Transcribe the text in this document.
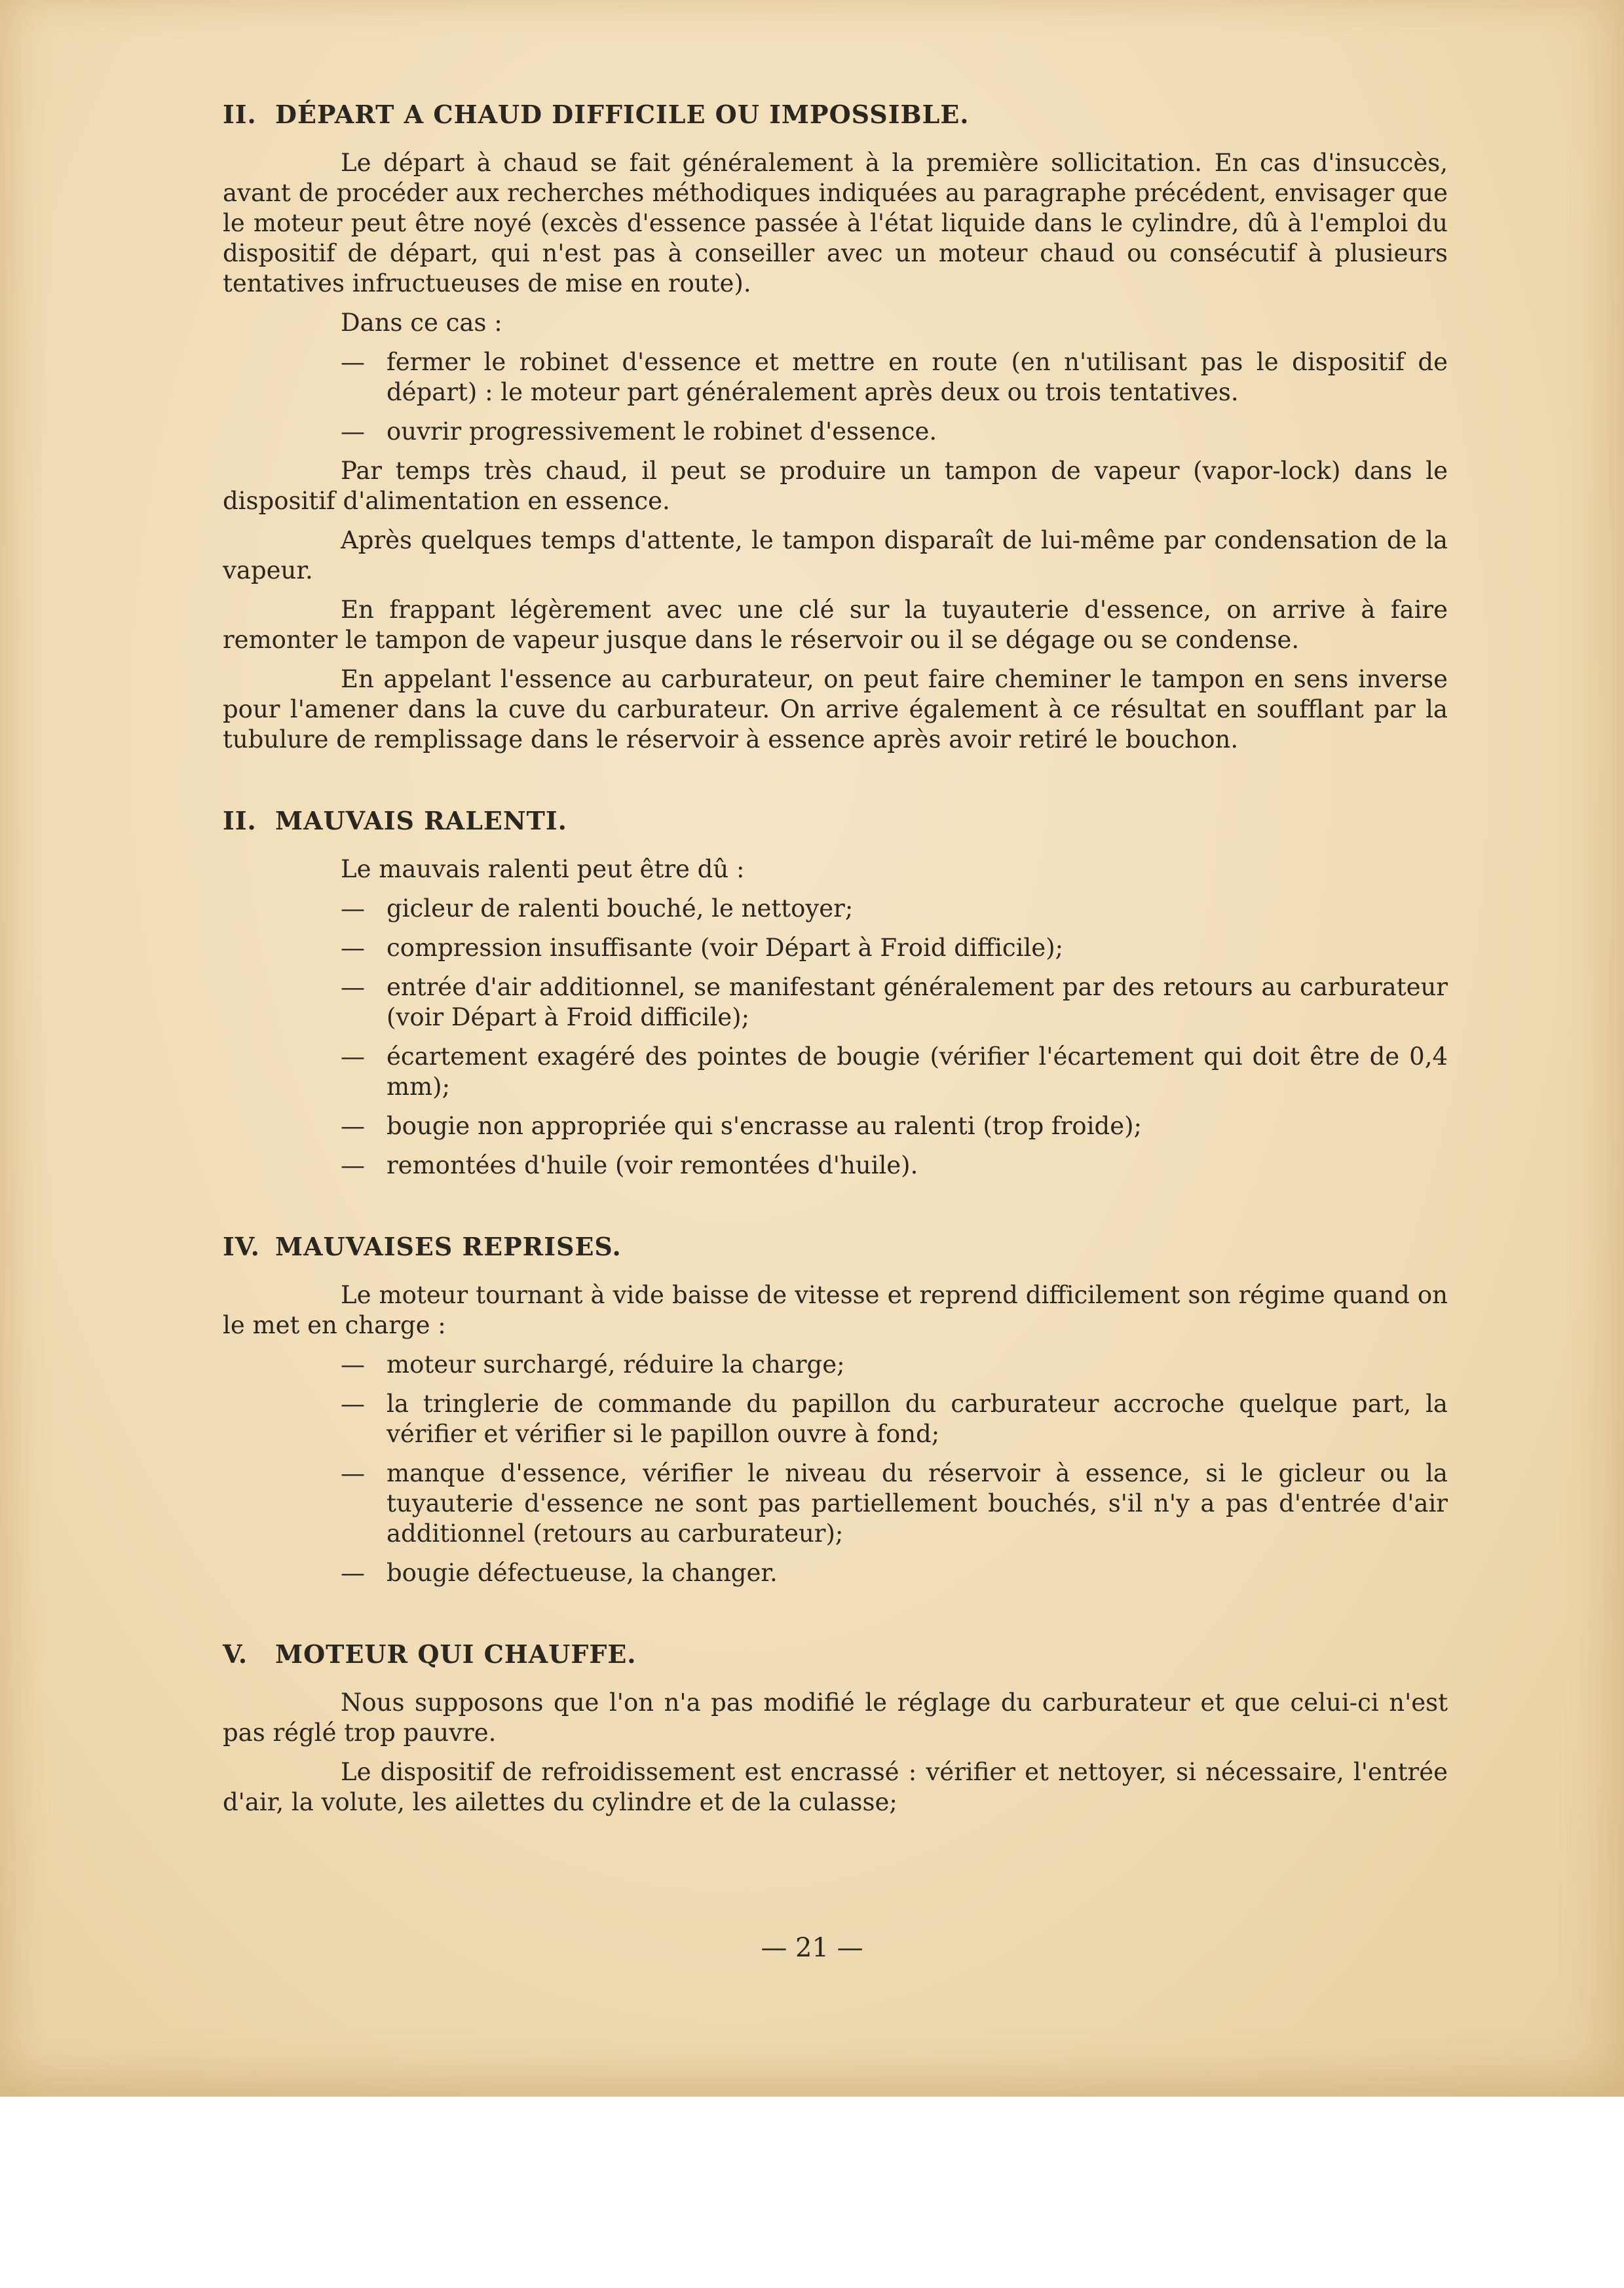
II. DÉPART A CHAUD DIFFICILE OU IMPOSSIBLE.
Le départ à chaud se fait généralement à la première sollicitation. En cas d'insuccès, avant de procéder aux recherches méthodiques indiquées au paragraphe précédent, envisager que le moteur peut être noyé (excès d'essence passée à l'état liquide dans le cylindre, dû à l'emploi du dispositif de départ, qui n'est pas à conseiller avec un moteur chaud ou consécutif à plusieurs tentatives infructueuses de mise en route).
Dans ce cas :
— fermer le robinet d'essence et mettre en route (en n'utilisant pas le dispositif de départ) : le moteur part généralement après deux ou trois tentatives.
— ouvrir progressivement le robinet d'essence.
Par temps très chaud, il peut se produire un tampon de vapeur (vapor-lock) dans le dispositif d'alimentation en essence.
Après quelques temps d'attente, le tampon disparaît de lui-même par condensation de la vapeur.
En frappant légèrement avec une clé sur la tuyauterie d'essence, on arrive à faire remonter le tampon de vapeur jusque dans le réservoir ou il se dégage ou se condense.
En appelant l'essence au carburateur, on peut faire cheminer le tampon en sens inverse pour l'amener dans la cuve du carburateur. On arrive également à ce résultat en soufflant par la tubulure de remplissage dans le réservoir à essence après avoir retiré le bouchon.
II. MAUVAIS RALENTI.
Le mauvais ralenti peut être dû :
— gicleur de ralenti bouché, le nettoyer;
— compression insuffisante (voir Départ à Froid difficile);
— entrée d'air additionnel, se manifestant généralement par des retours au carburateur (voir Départ à Froid difficile);
— écartement exagéré des pointes de bougie (vérifier l'écartement qui doit être de 0,4 mm);
— bougie non appropriée qui s'encrasse au ralenti (trop froide);
— remontées d'huile (voir remontées d'huile).
IV. MAUVAISES REPRISES.
Le moteur tournant à vide baisse de vitesse et reprend difficilement son régime quand on le met en charge :
— moteur surchargé, réduire la charge;
— la tringlerie de commande du papillon du carburateur accroche quelque part, la vérifier et vérifier si le papillon ouvre à fond;
— manque d'essence, vérifier le niveau du réservoir à essence, si le gicleur ou la tuyauterie d'essence ne sont pas partiellement bouchés, s'il n'y a pas d'entrée d'air additionnel (retours au carburateur);
— bougie défectueuse, la changer.
V. MOTEUR QUI CHAUFFE.
Nous supposons que l'on n'a pas modifié le réglage du carburateur et que celui-ci n'est pas réglé trop pauvre.
Le dispositif de refroidissement est encrassé : vérifier et nettoyer, si nécessaire, l'entrée d'air, la volute, les ailettes du cylindre et de la culasse;
— 21 —
